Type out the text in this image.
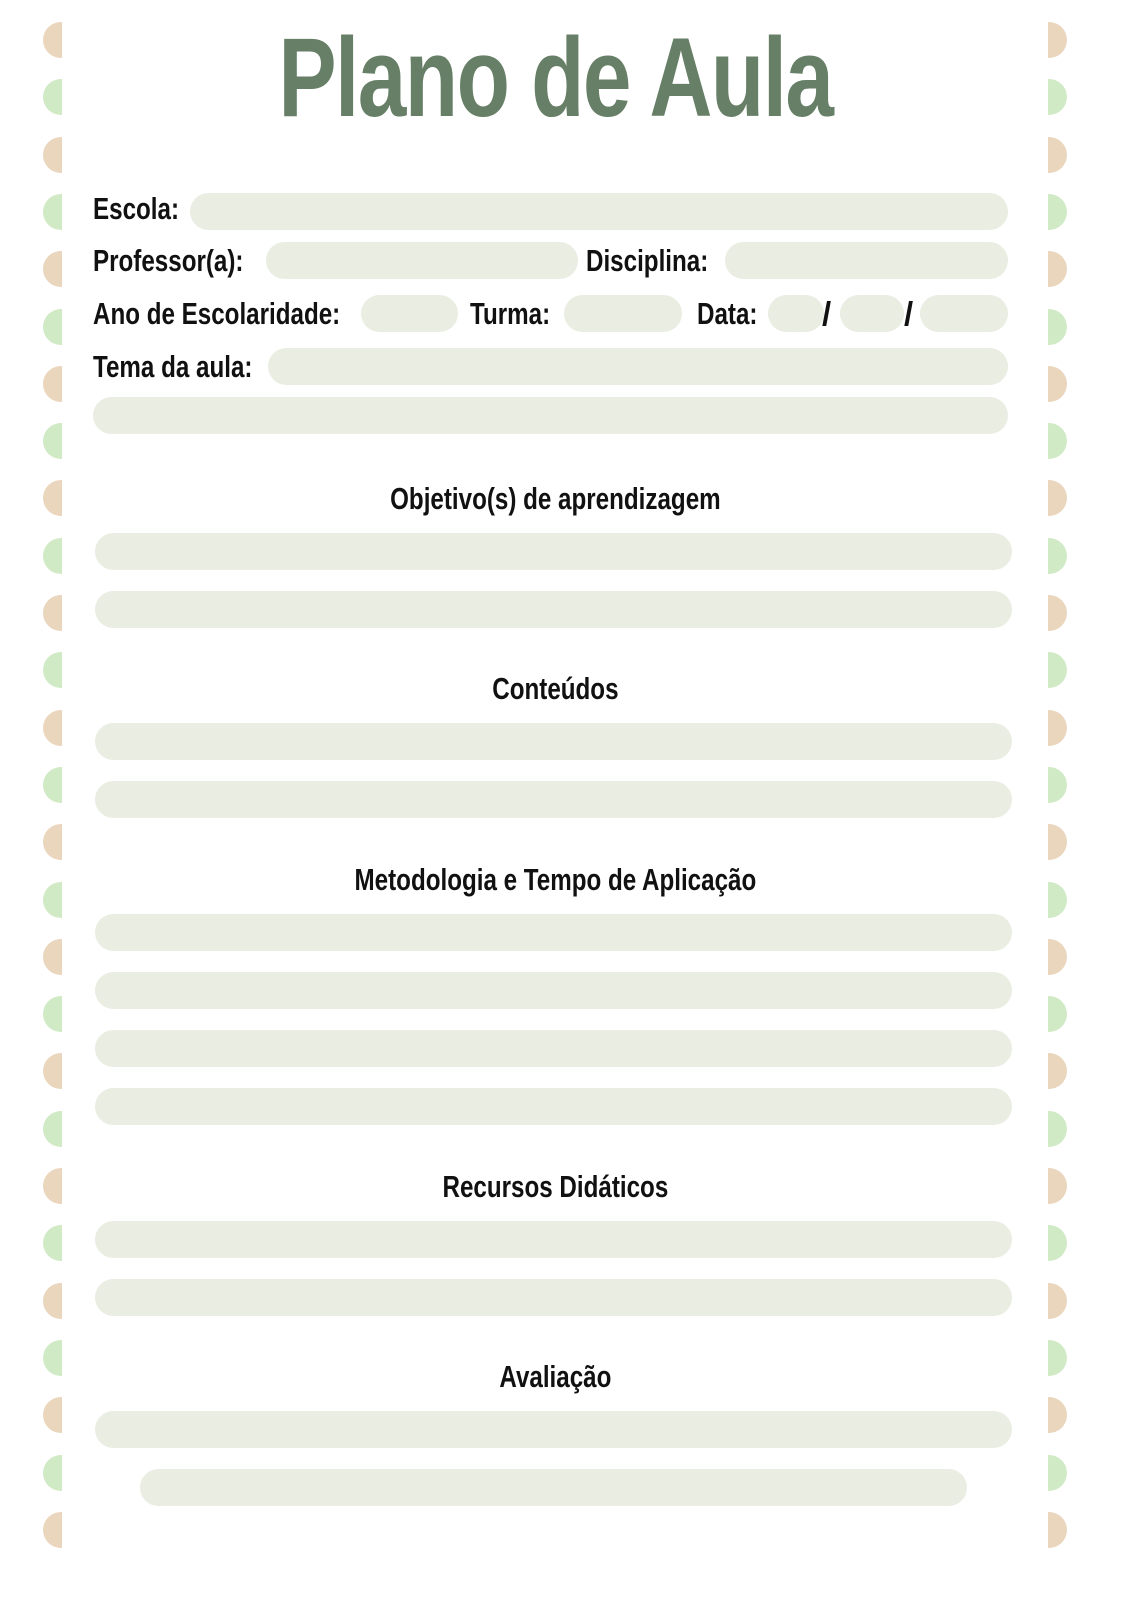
Plano de Aula
Escola:
Professor(a):	Disciplina:
Ano de Escolaridade:	Turma:	Data: / /
Tema da aula:
Objetivo(s) de aprendizagem
Conteúdos
Metodologia e Tempo de Aplicação
Recursos Didáticos
Avaliação
